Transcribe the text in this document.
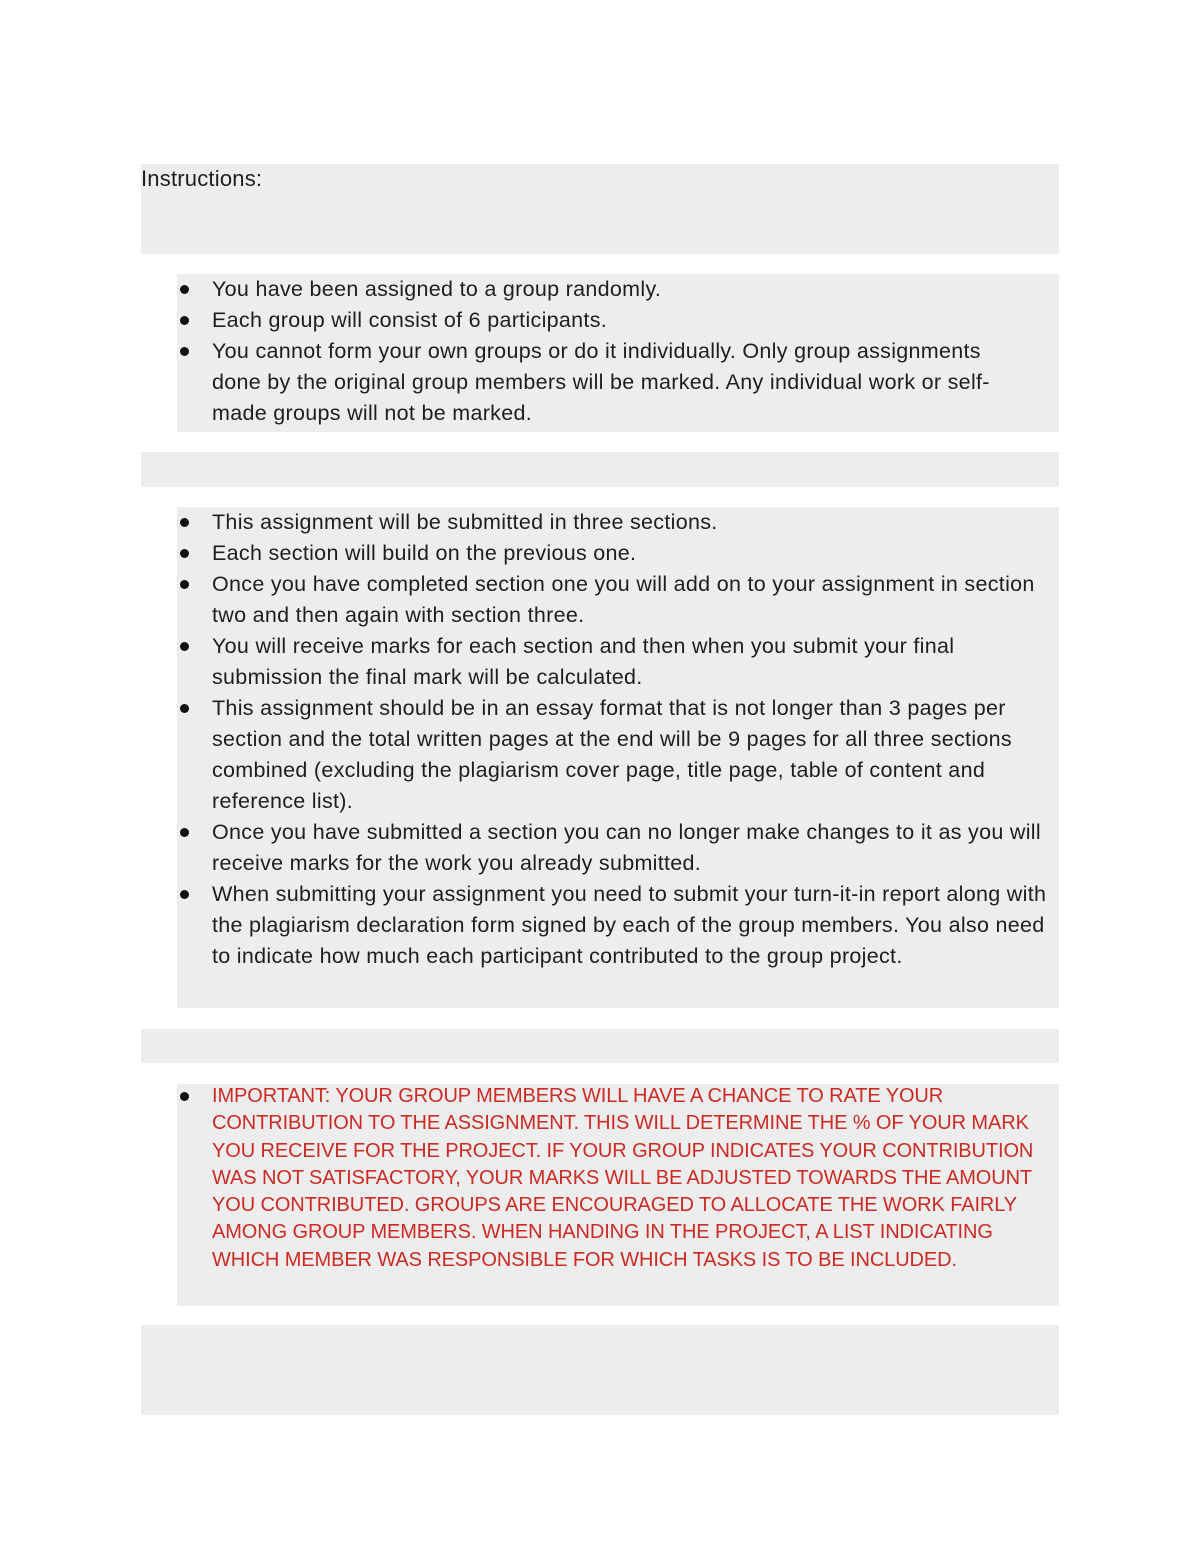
Instructions:
You have been assigned to a group randomly.
Each group will consist of 6 participants.
You cannot form your own groups or do it individually. Only group assignments done by the original group members will be marked. Any individual work or self-made groups will not be marked.
This assignment will be submitted in three sections.
Each section will build on the previous one.
Once you have completed section one you will add on to your assignment in section two and then again with section three.
You will receive marks for each section and then when you submit your final submission the final mark will be calculated.
This assignment should be in an essay format that is not longer than 3 pages per section and the total written pages at the end will be 9 pages for all three sections combined (excluding the plagiarism cover page, title page, table of content and reference list).
Once you have submitted a section you can no longer make changes to it as you will receive marks for the work you already submitted.
When submitting your assignment you need to submit your turn-it-in report along with the plagiarism declaration form signed by each of the group members. You also need to indicate how much each participant contributed to the group project.
IMPORTANT: YOUR GROUP MEMBERS WILL HAVE A CHANCE TO RATE YOUR CONTRIBUTION TO THE ASSIGNMENT. THIS WILL DETERMINE THE % OF YOUR MARK YOU RECEIVE FOR THE PROJECT. IF YOUR GROUP INDICATES YOUR CONTRIBUTION WAS NOT SATISFACTORY, YOUR MARKS WILL BE ADJUSTED TOWARDS THE AMOUNT YOU CONTRIBUTED. GROUPS ARE ENCOURAGED TO ALLOCATE THE WORK FAIRLY AMONG GROUP MEMBERS. WHEN HANDING IN THE PROJECT, A LIST INDICATING WHICH MEMBER WAS RESPONSIBLE FOR WHICH TASKS IS TO BE INCLUDED.
